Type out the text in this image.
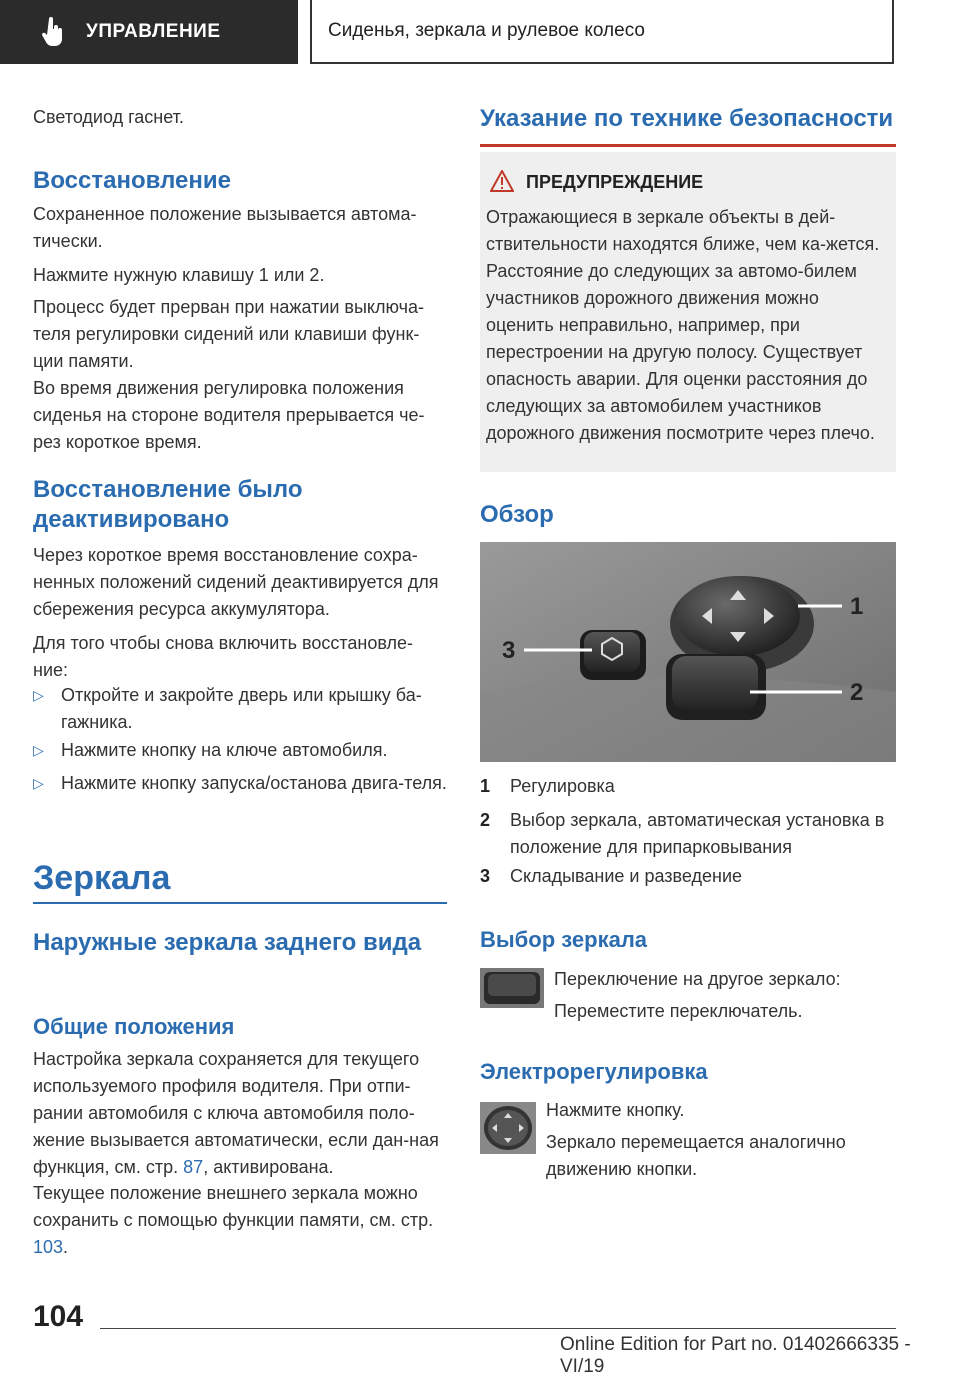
УПРАВЛЕНИЕ	Сиденья, зеркала и рулевое колесо

Светодиод гаснет.

Восстановление

Сохраненное положение вызывается автома-тически.

Нажмите нужную клавишу 1 или 2.

Процесс будет прерван при нажатии выключа-теля регулировки сидений или клавиши функ-ции памяти.

Во время движения регулировка положения сиденья на стороне водителя прерывается че-рез короткое время.

Восстановление было деактивировано

Через короткое время восстановление сохра-ненных положений сидений деактивируется для сбережения ресурса аккумулятора.

Для того чтобы снова включить восстановле-ние:

▷ Откройте и закройте дверь или крышку ба-гажника.
▷ Нажмите кнопку на ключе автомобиля.
▷ Нажмите кнопку запуска/остановa двига-теля.
Зеркала
Наружные зеркала заднего вида
Общие положения

Настройка зеркала сохраняется для текущего используемого профиля водителя. При отпи-рании автомобиля с ключа автомобиля поло-жение вызывается автоматически, если дан-ная функция, см. стр. 87, активирована.

Текущее положение внешнего зеркала можно сохранить с помощью функции памяти, см. стр. 103.

Указание по технике безопасности
ПРЕДУПРЕЖДЕНИЕ

Отражающиеся в зеркале объекты в дей-ствительности находятся ближе, чем ка-жется. Расстояние до следующих за автомо-билем участников дорожного движения можно оценить неправильно, например, при перестроении на другую полосу. Существует опасность аварии. Для оценки расстояния до следующих за автомобилем участников дорожного движения посмотрите через плечо.

Обзор
1
2
3
1 Регулировка
2 Выбор зеркала, автоматическая установка в положение для припарковывания
3 Складывание и разведение
Выбор зеркала

Переключение на другое зеркало:

Переместите переключатель.

Электрорегулировка

Нажмите кнопку.

Зеркало перемещается аналогично движению кнопки.

104
Online Edition for Part no. 01402666335 - VI/19
